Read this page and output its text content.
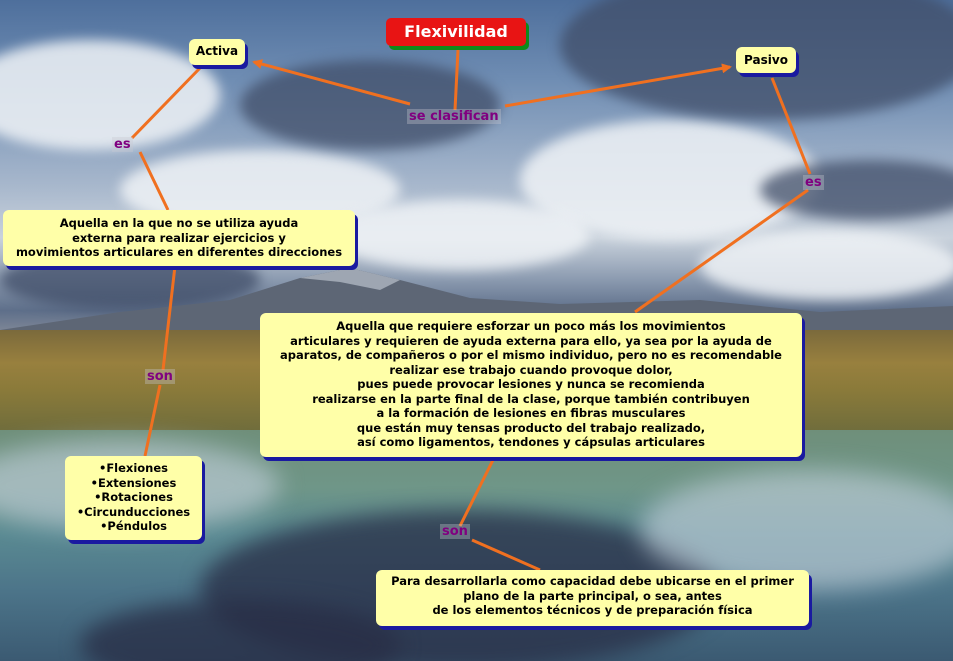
Flexivilidad
Activa
Pasivo
Aquella en la que no se utiliza ayuda
externa para realizar ejercicios y
movimientos articulares en diferentes direcciones
Aquella que requiere esforzar un poco más los movimientos
articulares y requieren de ayuda externa para ello, ya sea por la ayuda de
aparatos, de compañeros o por el mismo individuo, pero no es recomendable
realizar ese trabajo cuando provoque dolor,
pues puede provocar lesiones y nunca se recomienda
realizarse en la parte final de la clase, porque también contribuyen
a la formación de lesiones en fibras musculares
que están muy tensas producto del trabajo realizado,
así como ligamentos, tendones y cápsulas articulares
•Flexiones
•Extensiones
•Rotaciones
•Circunducciones
•Péndulos
Para desarrollarla como capacidad debe ubicarse en el primer
plano de la parte principal, o sea, antes
de los elementos técnicos y de preparación física
se clasifican
es
es
son
son
